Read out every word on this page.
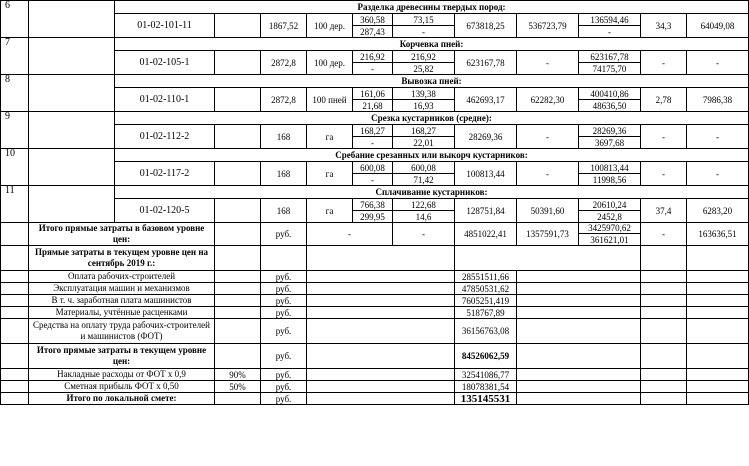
6		Разделка древесины твердых пород:										
		01-02-101-11		1867,52	100 дер.	360,58	73,15	673818,25	536723,79	136594,46	34,3	64049,08
						287,43	-			-		
7		Корчевка пней:										
		01-02-105-1		2872,8	100 дер.	216,92	216,92	623167,78	-	623167,78	-	-
						-	25,82			74175,70		
8		Вывозка пней:										
		01-02-110-1		2872,8	100 пней	161,06	139,38	462693,17	62282,30	400410,86	2,78	7986,38
						21,68	16,93			48636,50		
9		Срезка кустарников (средне):										
		01-02-112-2		168	га	168,27	168,27	28269,36	-	28269,36	-	-
						-	22,01			3697,68		
10		Сребание срезанных или выкорч кустарников:										
		01-02-117-2		168	га	600,08	600,08	100813,44	-	100813,44	-	-
						-	71,42			11998,56		
11		Сплачивание кустарников:										
		01-02-120-5		168	га	766,38	122,68	128751,84	50391,60	20610,24	37,4	6283,20
						299,95	14,6			2452,8		
	Итого прямые затраты в базовом уровне цен:			руб.	-		-	4851022,41	1357591,73	3425970,62	-	163636,51
										361621,01		
	Прямые затраты в текущем уровне цен на сентябрь 2019 г.:											
	Оплата рабочих-строителей			руб.				28551511,66				
	Эксплуатация машин и механизмов			руб.				47850531,62				
	В т. ч. заработная плата машинистов			руб.				7605251,419				
	Материалы, учтённые расценками			руб.				518767,89				
	Средства на оплату труда рабочих-строителей и машинистов (ФОТ)			руб.				36156763,08				
	Итого прямые затраты в текущем уровне цен:			руб.				84526062,59				
	Накладные расходы от ФОТ х 0,9		90%	руб.				32541086,77				
	Сметная прибыль ФОТ х 0,50		50%	руб.				18078381,54				
	Итого по локальной смете:			руб.				135145531				
